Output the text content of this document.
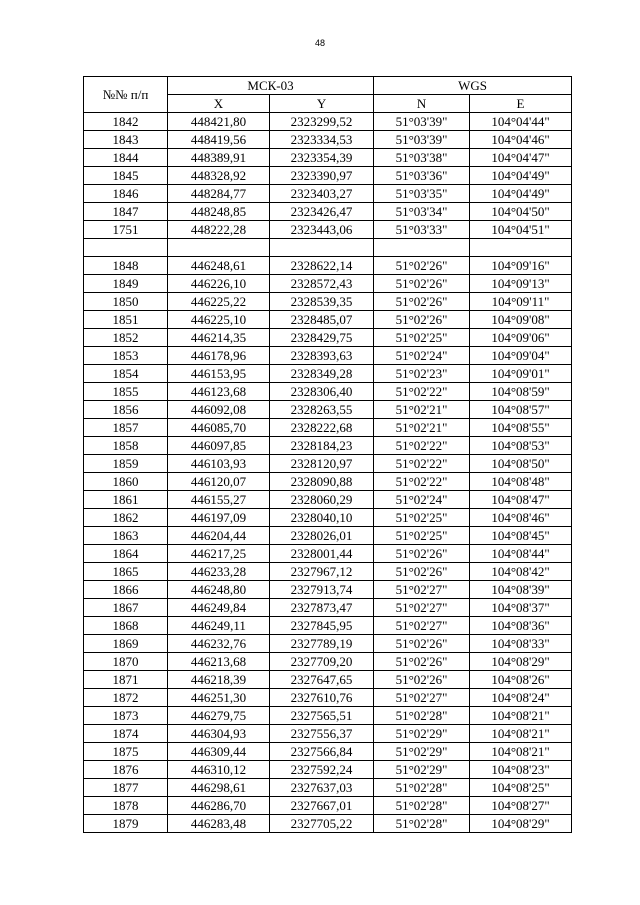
48
№№ п/п	МСК-03		WGS	
	X	Y	N	E
1842	448421,80	2323299,52	51°03'39"	104°04'44"
1843	448419,56	2323334,53	51°03'39"	104°04'46"
1844	448389,91	2323354,39	51°03'38"	104°04'47"
1845	448328,92	2323390,97	51°03'36"	104°04'49"
1846	448284,77	2323403,27	51°03'35"	104°04'49"
1847	448248,85	2323426,47	51°03'34"	104°04'50"
1751	448222,28	2323443,06	51°03'33"	104°04'51"

1848	446248,61	2328622,14	51°02'26"	104°09'16"
1849	446226,10	2328572,43	51°02'26"	104°09'13"
1850	446225,22	2328539,35	51°02'26"	104°09'11"
1851	446225,10	2328485,07	51°02'26"	104°09'08"
1852	446214,35	2328429,75	51°02'25"	104°09'06"
1853	446178,96	2328393,63	51°02'24"	104°09'04"
1854	446153,95	2328349,28	51°02'23"	104°09'01"
1855	446123,68	2328306,40	51°02'22"	104°08'59"
1856	446092,08	2328263,55	51°02'21"	104°08'57"
1857	446085,70	2328222,68	51°02'21"	104°08'55"
1858	446097,85	2328184,23	51°02'22"	104°08'53"
1859	446103,93	2328120,97	51°02'22"	104°08'50"
1860	446120,07	2328090,88	51°02'22"	104°08'48"
1861	446155,27	2328060,29	51°02'24"	104°08'47"
1862	446197,09	2328040,10	51°02'25"	104°08'46"
1863	446204,44	2328026,01	51°02'25"	104°08'45"
1864	446217,25	2328001,44	51°02'26"	104°08'44"
1865	446233,28	2327967,12	51°02'26"	104°08'42"
1866	446248,80	2327913,74	51°02'27"	104°08'39"
1867	446249,84	2327873,47	51°02'27"	104°08'37"
1868	446249,11	2327845,95	51°02'27"	104°08'36"
1869	446232,76	2327789,19	51°02'26"	104°08'33"
1870	446213,68	2327709,20	51°02'26"	104°08'29"
1871	446218,39	2327647,65	51°02'26"	104°08'26"
1872	446251,30	2327610,76	51°02'27"	104°08'24"
1873	446279,75	2327565,51	51°02'28"	104°08'21"
1874	446304,93	2327556,37	51°02'29"	104°08'21"
1875	446309,44	2327566,84	51°02'29"	104°08'21"
1876	446310,12	2327592,24	51°02'29"	104°08'23"
1877	446298,61	2327637,03	51°02'28"	104°08'25"
1878	446286,70	2327667,01	51°02'28"	104°08'27"
1879	446283,48	2327705,22	51°02'28"	104°08'29"
